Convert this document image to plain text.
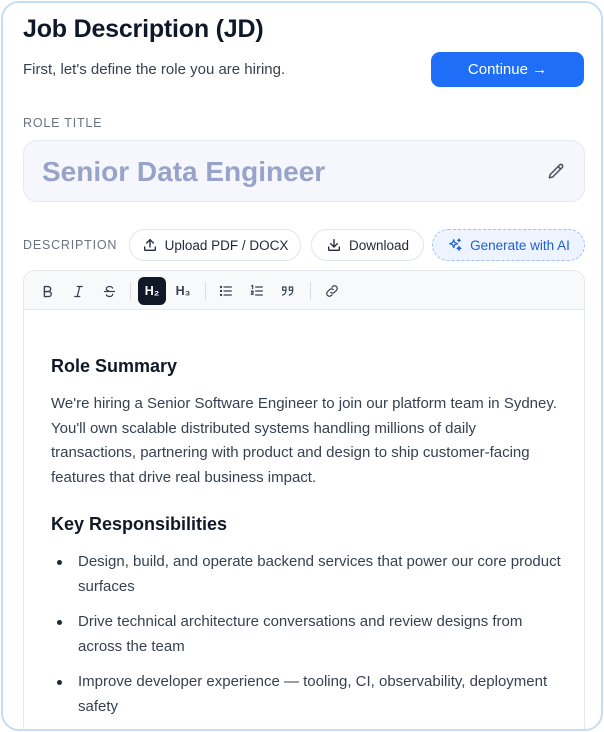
Job Description (JD)
First, let's define the role you are hiring.	Continue →
ROLE TITLE
Senior Data Engineer
DESCRIPTION	Upload PDF / DOCX	Download	Generate with AI
H₂ H₃
Role Summary

We're hiring a Senior Software Engineer to join our platform team in Sydney. You'll own scalable distributed systems handling millions of daily transactions, partnering with product and design to ship customer-facing features that drive real business impact.

Key Responsibilities
Design, build, and operate backend services that power our core product surfaces
Drive technical architecture conversations and review designs from across the team
Improve developer experience — tooling, CI, observability, deployment safety
